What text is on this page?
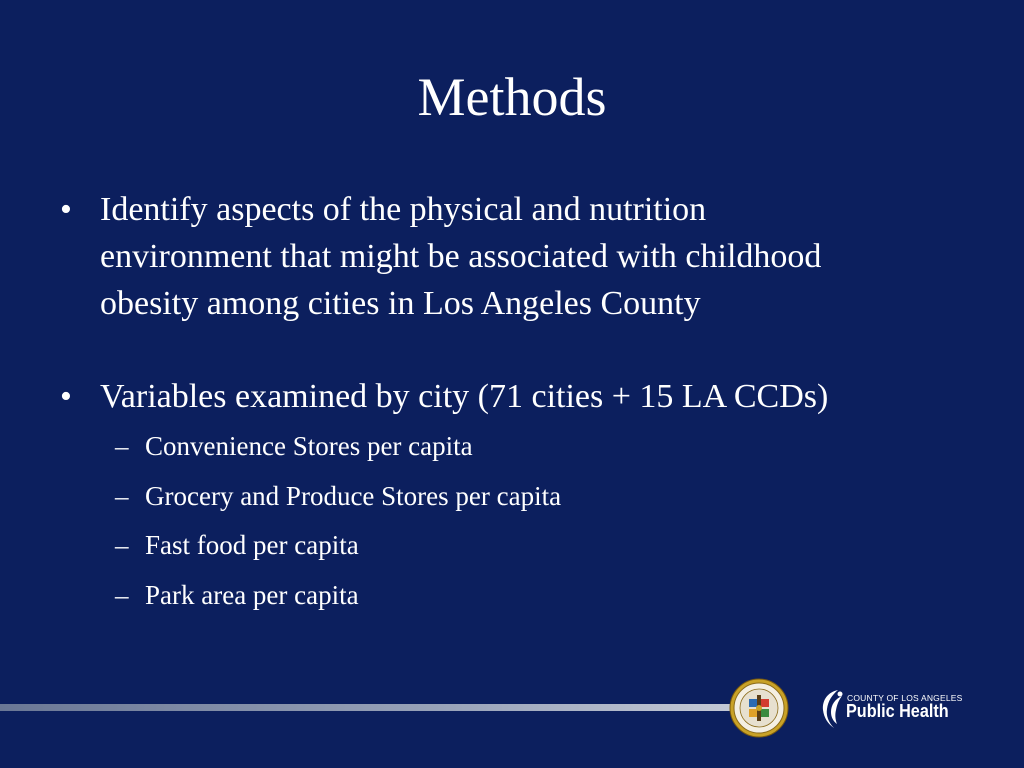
Methods
• Identify aspects of the physical and nutrition
environment that might be associated with childhood
obesity among cities in Los Angeles County
• Variables examined by city (71 cities + 15 LA CCDs)
– Convenience Stores per capita
– Grocery and Produce Stores per capita
– Fast food per capita
– Park area per capita
COUNTY OF LOS ANGELES
Public Health
